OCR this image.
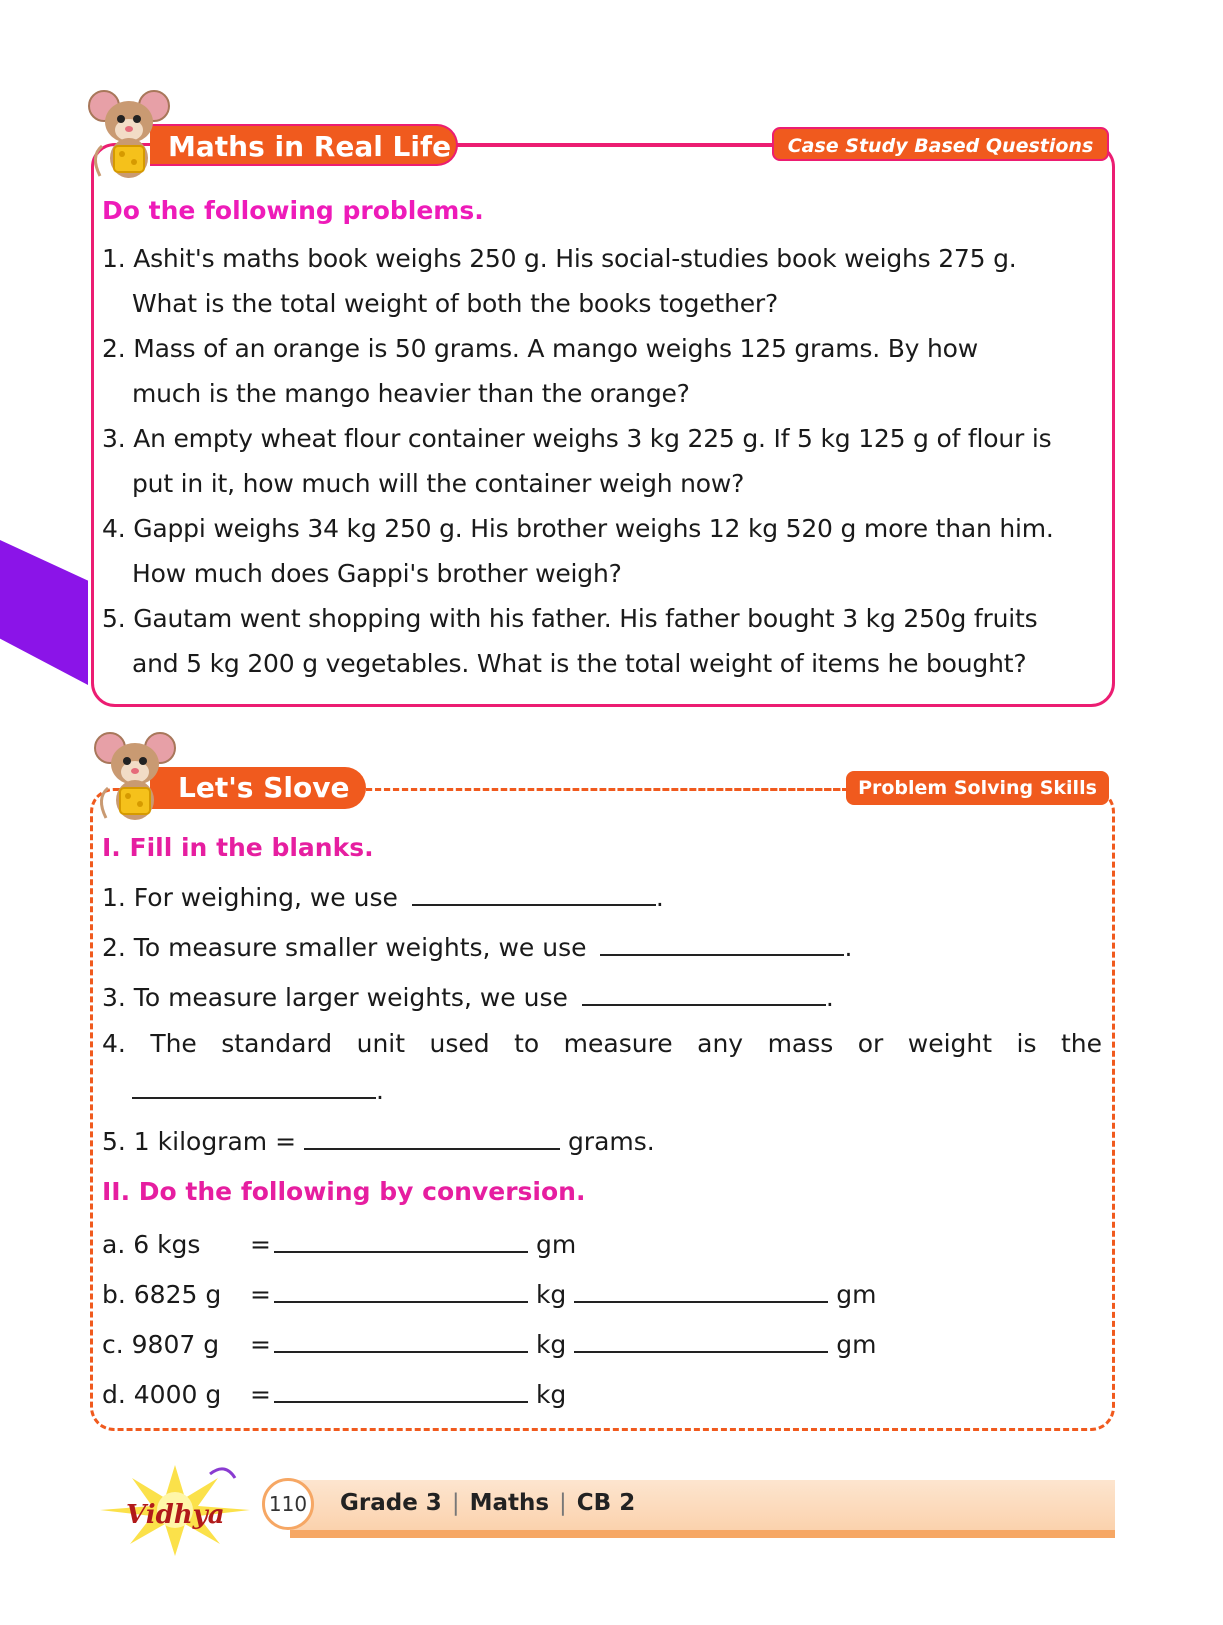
Maths in Real Life	Case Study Based Questions
Do the following problems.
1. Ashit's maths book weighs 250 g. His social-studies book weighs 275 g.
What is the total weight of both the books together?
2. Mass of an orange is 50 grams. A mango weighs 125 grams. By how
much is the mango heavier than the orange?
3. An empty wheat flour container weighs 3 kg 225 g. If 5 kg 125 g of flour is
put in it, how much will the container weigh now?
4. Gappi weighs 34 kg 250 g. His brother weighs 12 kg 520 g more than him.
How much does Gappi's brother weigh?
5. Gautam went shopping with his father. His father bought 3 kg 250g fruits
and 5 kg 200 g vegetables. What is the total weight of items he bought?
Let's Slove	Problem Solving Skills
I. Fill in the blanks.
1. For weighing, we use	.
2. To measure smaller weights, we use	.
3. To measure larger weights, we use	.
4. The standard unit used to measure any mass or weight is the
.
5. 1 kilogram =	grams.
II. Do the following by conversion.
a. 6 kgs =	gm
b. 6825 g =	kg	gm
c. 9807 g =	kg	gm
d. 4000 g =	kg
Vidhya	110	Grade 3 | Maths | CB 2
